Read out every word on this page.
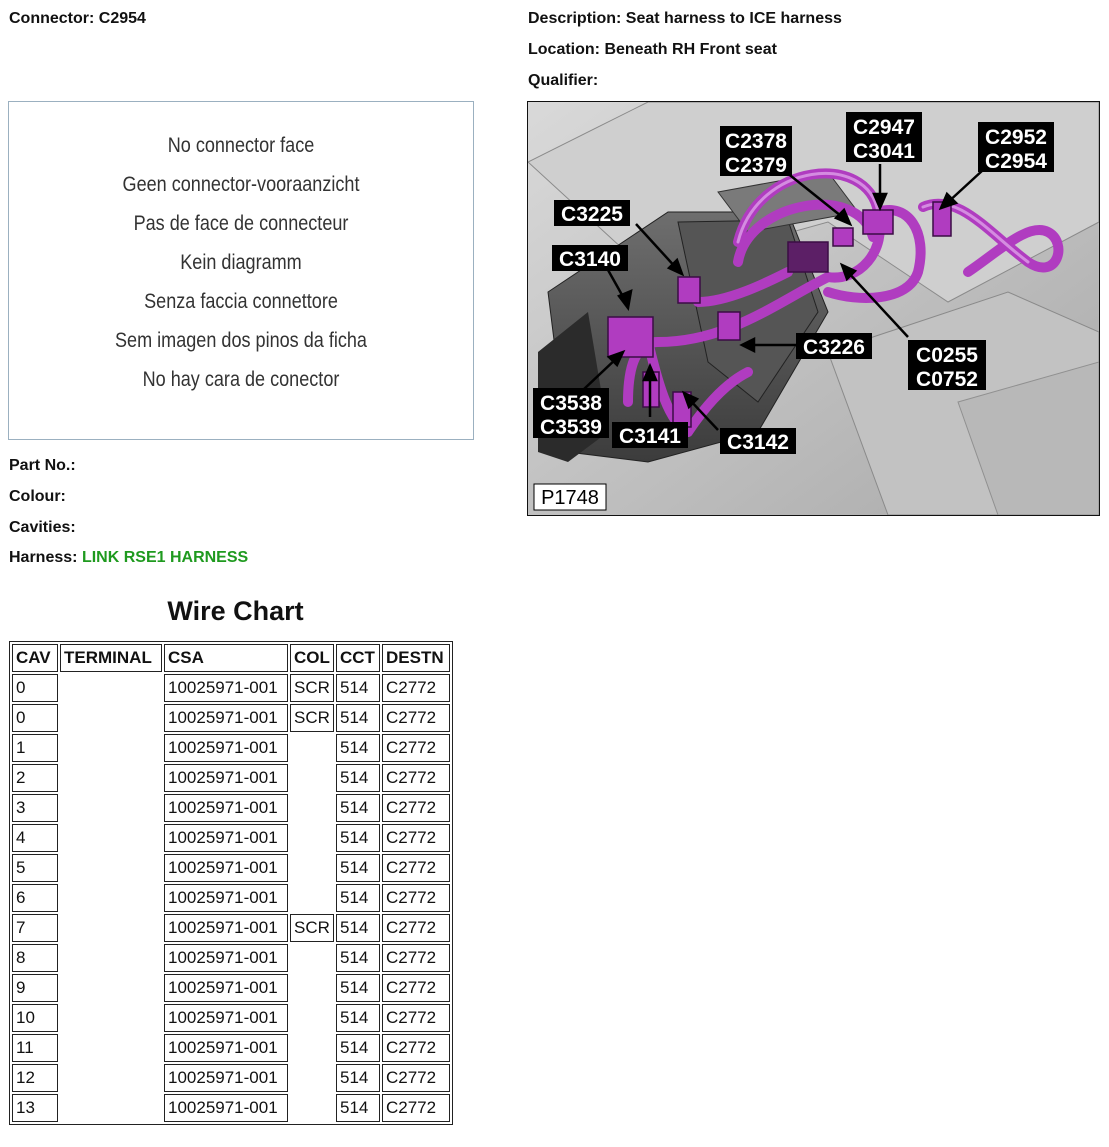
Connector: C2954	Description: Seat harness to ICE harness
Location: Beneath RH Front seat
Qualifier:
No connector face
Geen connector-vooraanzicht
Pas de face de connecteur
Kein diagramm
Senza faccia connettore
Sem imagen dos pinos da ficha
No hay cara de conector
C2378
C2379
C2947
C3041
C2952
C2954
C3225
C3140
C3226 C0255
C0752
C3538
C3539 C3141 C3142
P1748
Part No.:
Colour:
Cavities:
Harness: LINK RSE1 HARNESS
Wire Chart
CAV	TERMINAL	CSA	COL	CCT	DESTN
0		10025971-001	SCR	514	C2772
0		10025971-001	SCR	514	C2772
1		10025971-001		514	C2772
2		10025971-001		514	C2772
3		10025971-001		514	C2772
4		10025971-001		514	C2772
5		10025971-001		514	C2772
6		10025971-001		514	C2772
7		10025971-001	SCR	514	C2772
8		10025971-001		514	C2772
9		10025971-001		514	C2772
10		10025971-001		514	C2772
11		10025971-001		514	C2772
12		10025971-001		514	C2772
13		10025971-001		514	C2772
